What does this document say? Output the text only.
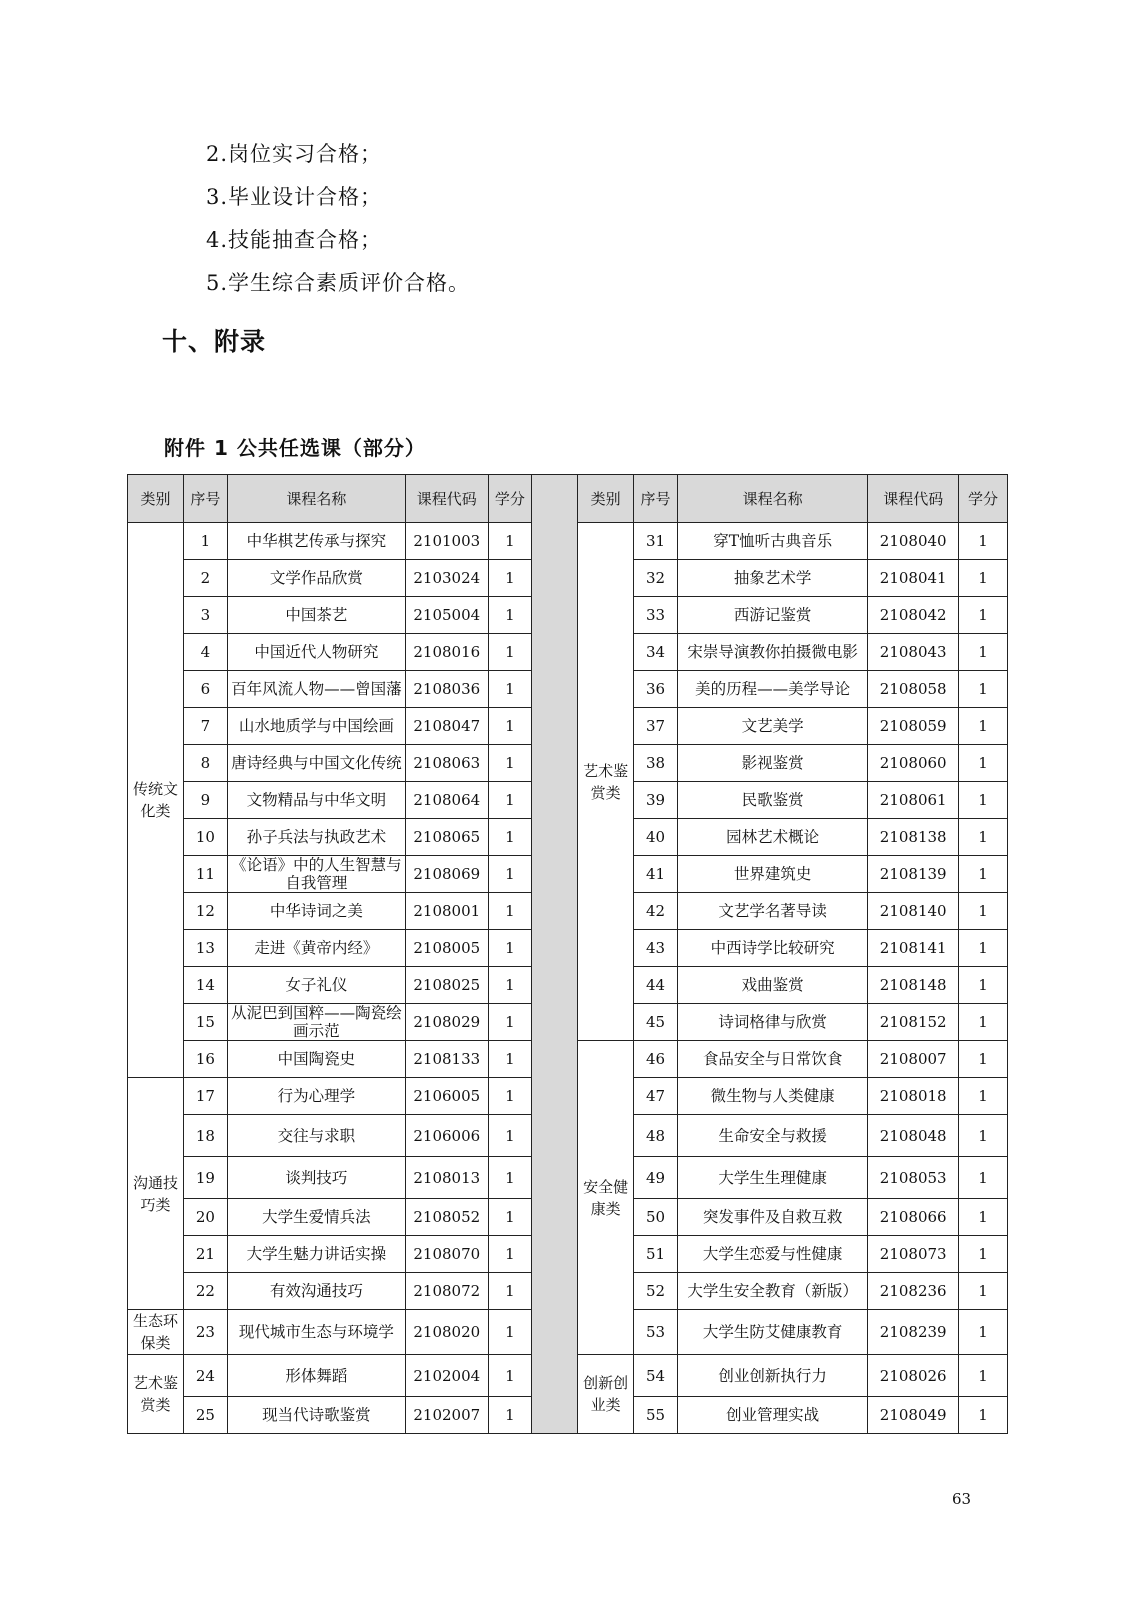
2.岗位实习合格；
3.毕业设计合格；
4.技能抽查合格；
5.学生综合素质评价合格。
十、附录
附件 1 公共任选课（部分）
类别	序号	课程名称	课程代码	学分		类别	序号	课程名称	课程代码	学分
传统文化类	1	中华棋艺传承与探究	2101003	1		艺术鉴赏类	31	穿T恤听古典音乐	2108040	1
	2	文学作品欣赏	2103024	1			32	抽象艺术学	2108041	1
	3	中国茶艺	2105004	1			33	西游记鉴赏	2108042	1
	4	中国近代人物研究	2108016	1			34	宋崇导演教你拍摄微电影	2108043	1
	6	百年风流人物——曾国藩	2108036	1			36	美的历程——美学导论	2108058	1
	7	山水地质学与中国绘画	2108047	1			37	文艺美学	2108059	1
	8	唐诗经典与中国文化传统	2108063	1			38	影视鉴赏	2108060	1
	9	文物精品与中华文明	2108064	1			39	民歌鉴赏	2108061	1
	10	孙子兵法与执政艺术	2108065	1			40	园林艺术概论	2108138	1
	11	《论语》中的人生智慧与自我管理	2108069	1			41	世界建筑史	2108139	1
	12	中华诗词之美	2108001	1			42	文艺学名著导读	2108140	1
	13	走进《黄帝内经》	2108005	1			43	中西诗学比较研究	2108141	1
	14	女子礼仪	2108025	1			44	戏曲鉴赏	2108148	1
	15	从泥巴到国粹——陶瓷绘画示范	2108029	1			45	诗词格律与欣赏	2108152	1
	16	中国陶瓷史	2108133	1		安全健康类	46	食品安全与日常饮食	2108007	1
沟通技巧类	17	行为心理学	2106005	1			47	微生物与人类健康	2108018	1
	18	交往与求职	2106006	1			48	生命安全与救援	2108048	1
	19	谈判技巧	2108013	1			49	大学生生理健康	2108053	1
	20	大学生爱情兵法	2108052	1			50	突发事件及自救互救	2108066	1
	21	大学生魅力讲话实操	2108070	1			51	大学生恋爱与性健康	2108073	1
	22	有效沟通技巧	2108072	1			52	大学生安全教育（新版）	2108236	1
生态环保类	23	现代城市生态与环境学	2108020	1			53	大学生防艾健康教育	2108239	1
艺术鉴赏类	24	形体舞蹈	2102004	1		创新创业类	54	创业创新执行力	2108026	1
	25	现当代诗歌鉴赏	2102007	1			55	创业管理实战	2108049	1

63
